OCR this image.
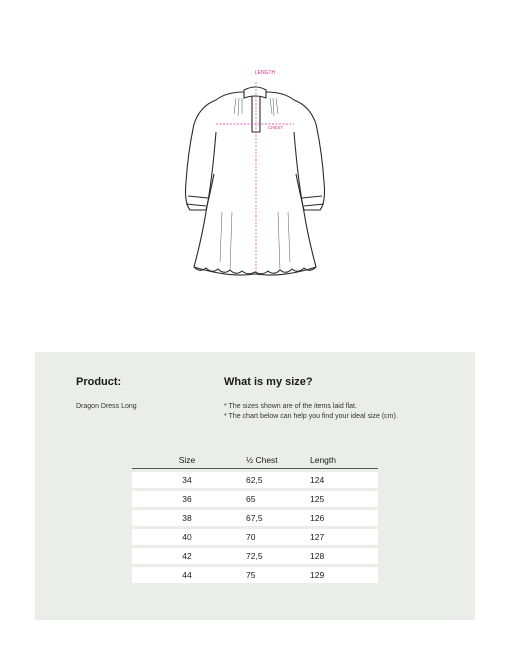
LENGTH
CHEST
Product:
Dragon Dress Long
What is my size?
* The sizes shown are of the items laid flat.
* The chart below can help you find your ideal size (cm).
Size	½ Chest	Length
34	62,5	124
36	65	125
38	67,5	126
40	70	127
42	72,5	128
44	75	129
